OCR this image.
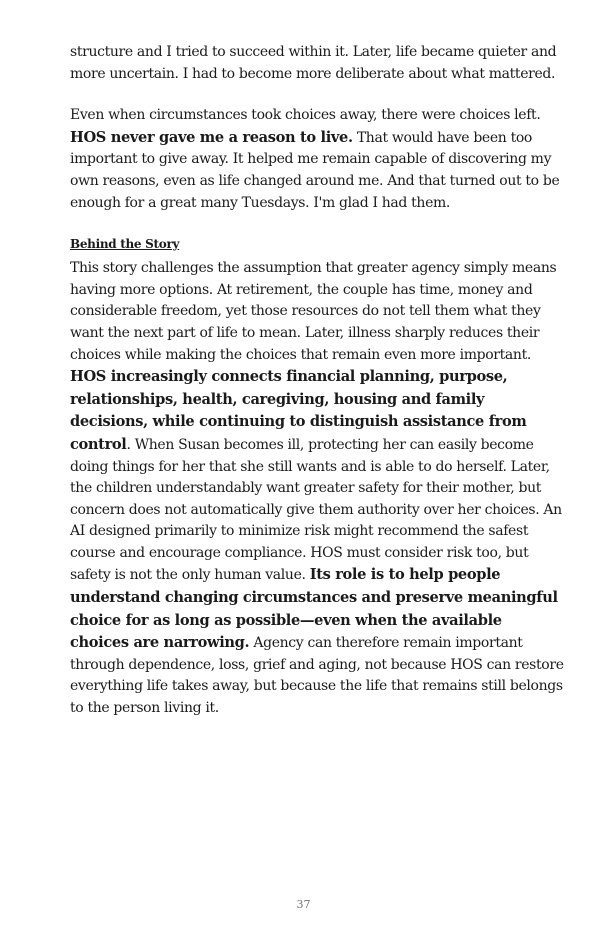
structure and I tried to succeed within it. Later, life became quieter and more uncertain. I had to become more deliberate about what mattered.

Even when circumstances took choices away, there were choices left. HOS never gave me a reason to live. That would have been too important to give away. It helped me remain capable of discovering my own reasons, even as life changed around me. And that turned out to be enough for a great many Tuesdays. I'm glad I had them.

Behind the Story

This story challenges the assumption that greater agency simply means having more options. At retirement, the couple has time, money and considerable freedom, yet those resources do not tell them what they want the next part of life to mean. Later, illness sharply reduces their choices while making the choices that remain even more important. HOS increasingly connects financial planning, purpose, relationships, health, caregiving, housing and family decisions, while continuing to distinguish assistance from control. When Susan becomes ill, protecting her can easily become doing things for her that she still wants and is able to do herself. Later, the children understandably want greater safety for their mother, but concern does not automatically give them authority over her choices. An AI designed primarily to minimize risk might recommend the safest course and encourage compliance. HOS must consider risk too, but safety is not the only human value. Its role is to help people understand changing circumstances and preserve meaningful choice for as long as possible—even when the available choices are narrowing. Agency can therefore remain important through dependence, loss, grief and aging, not because HOS can restore everything life takes away, but because the life that remains still belongs to the person living it.

37
